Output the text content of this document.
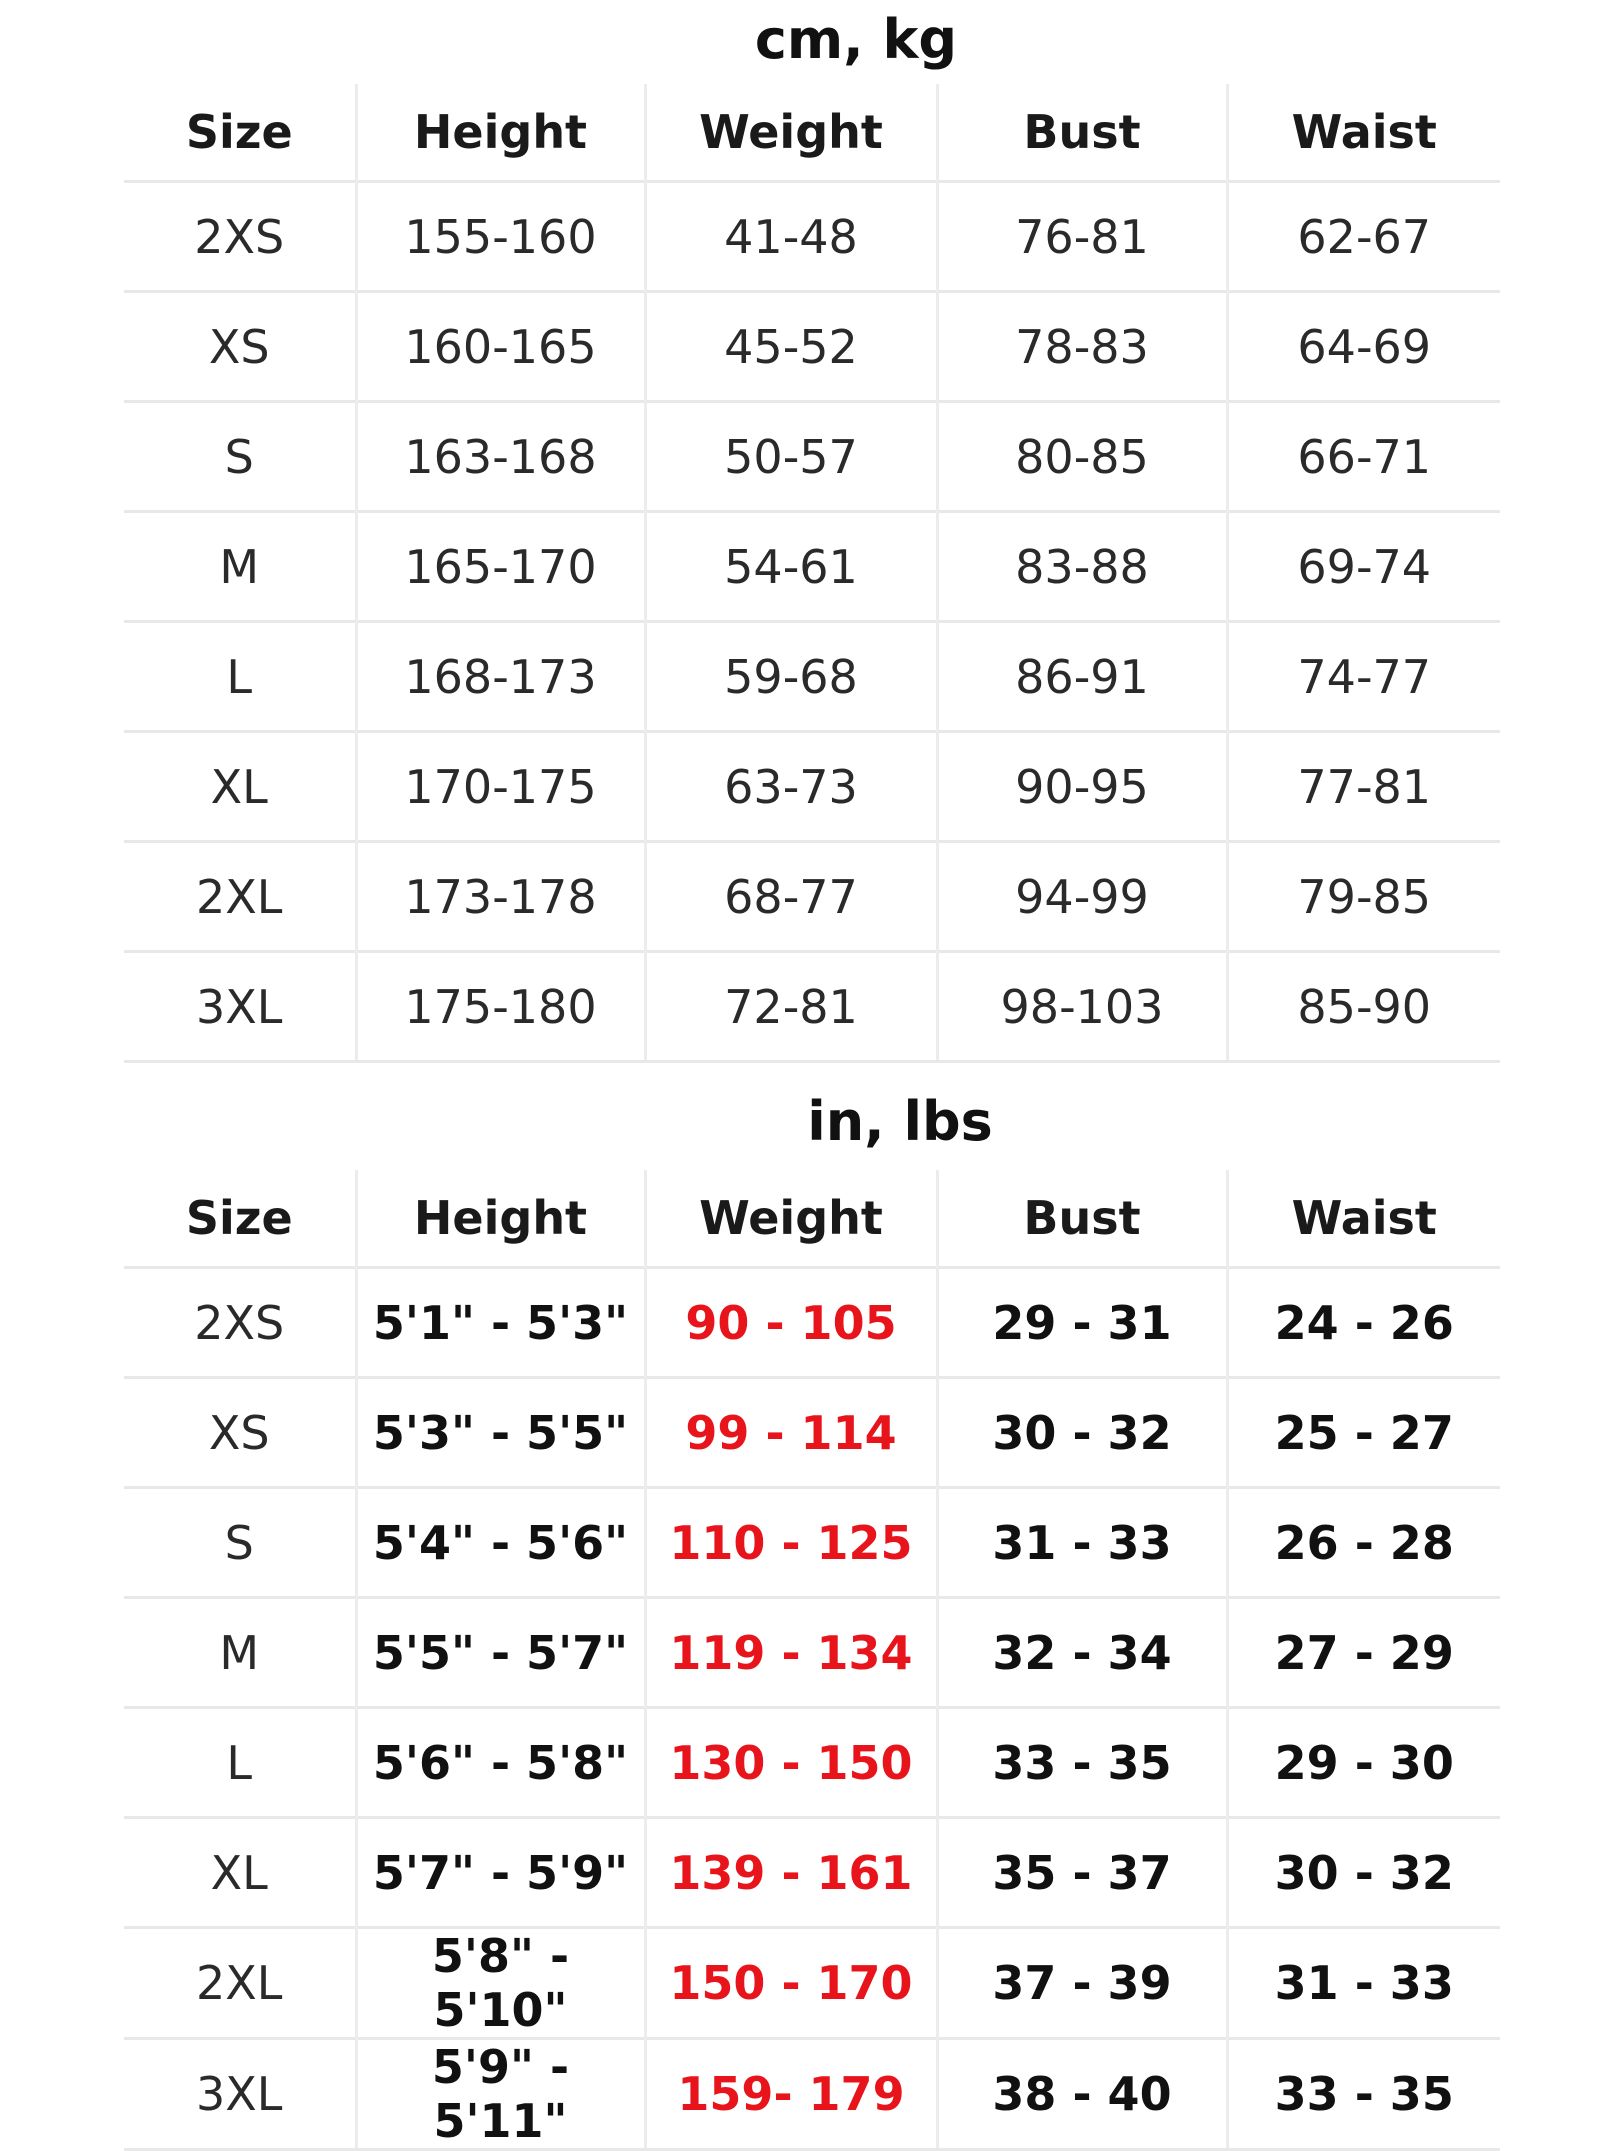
cm, kg
Size	Height	Weight	Bust	Waist
2XS	155-160	41-48	76-81	62-67
XS	160-165	45-52	78-83	64-69
S	163-168	50-57	80-85	66-71
M	165-170	54-61	83-88	69-74
L	168-173	59-68	86-91	74-77
XL	170-175	63-73	90-95	77-81
2XL	173-178	68-77	94-99	79-85
3XL	175-180	72-81	98-103	85-90
in, lbs
Size	Height	Weight	Bust	Waist
2XS	5'1" - 5'3"	90 - 105	29 - 31	24 - 26
XS	5'3" - 5'5"	99 - 114	30 - 32	25 - 27
S	5'4" - 5'6"	110 - 125	31 - 33	26 - 28
M	5'5" - 5'7"	119 - 134	32 - 34	27 - 29
L	5'6" - 5'8"	130 - 150	33 - 35	29 - 30
XL	5'7" - 5'9"	139 - 161	35 - 37	30 - 32
2XL	5'8" - 5'10"	150 - 170	37 - 39	31 - 33
3XL	5'9" - 5'11"	159- 179	38 - 40	33 - 35
